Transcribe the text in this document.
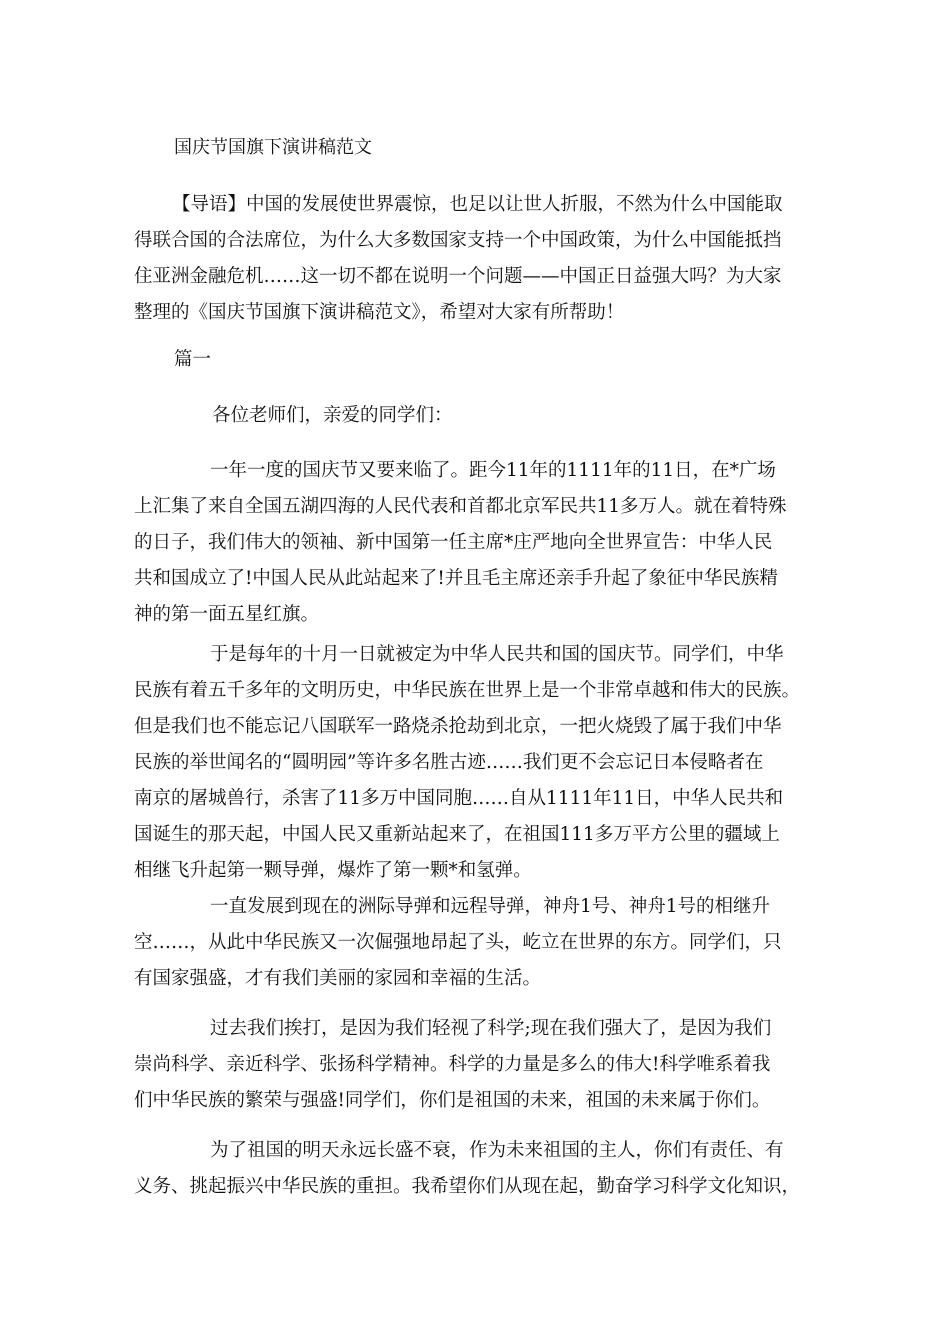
国庆节国旗下演讲稿范文
【导语】中国的发展使世界震惊，也足以让世人折服，不然为什么中国能取
得联合国的合法席位，为什么大多数国家支持一个中国政策，为什么中国能抵挡
住亚洲金融危机……这一切不都在说明一个问题——中国正日益强大吗？为大家
整理的《国庆节国旗下演讲稿范文》，希望对大家有所帮助！

篇一

各位老师们，亲爱的同学们：

一年一度的国庆节又要来临了。距今11年的1111年的11日，在*广场
上汇集了来自全国五湖四海的人民代表和首都北京军民共11多万人。就在着特殊
的日子，我们伟大的领袖、新中国第一任主席*庄严地向全世界宣告：中华人民
共和国成立了!中国人民从此站起来了!并且毛主席还亲手升起了象征中华民族精
神的第一面五星红旗。
于是每年的十月一日就被定为中华人民共和国的国庆节。同学们，中华
民族有着五千多年的文明历史，中华民族在世界上是一个非常卓越和伟大的民族。
但是我们也不能忘记八国联军一路烧杀抢劫到北京，一把火烧毁了属于我们中华
民族的举世闻名的“圆明园”等许多名胜古迹……我们更不会忘记日本侵略者在
南京的屠城兽行，杀害了11多万中国同胞……自从1111年11日，中华人民共和
国诞生的那天起，中国人民又重新站起来了，在祖国111多万平方公里的疆域上
相继飞升起第一颗导弹，爆炸了第一颗*和氢弹。
一直发展到现在的洲际导弹和远程导弹，神舟1号、神舟1号的相继升
空……，从此中华民族又一次倔强地昂起了头，屹立在世界的东方。同学们，只
有国家强盛，才有我们美丽的家园和幸福的生活。
过去我们挨打，是因为我们轻视了科学;现在我们强大了，是因为我们
崇尚科学、亲近科学、张扬科学精神。科学的力量是多么的伟大!科学唯系着我
们中华民族的繁荣与强盛!同学们，你们是祖国的未来，祖国的未来属于你们。
为了祖国的明天永远长盛不衰，作为未来祖国的主人，你们有责任、有
义务、挑起振兴中华民族的重担。我希望你们从现在起，勤奋学习科学文化知识，
